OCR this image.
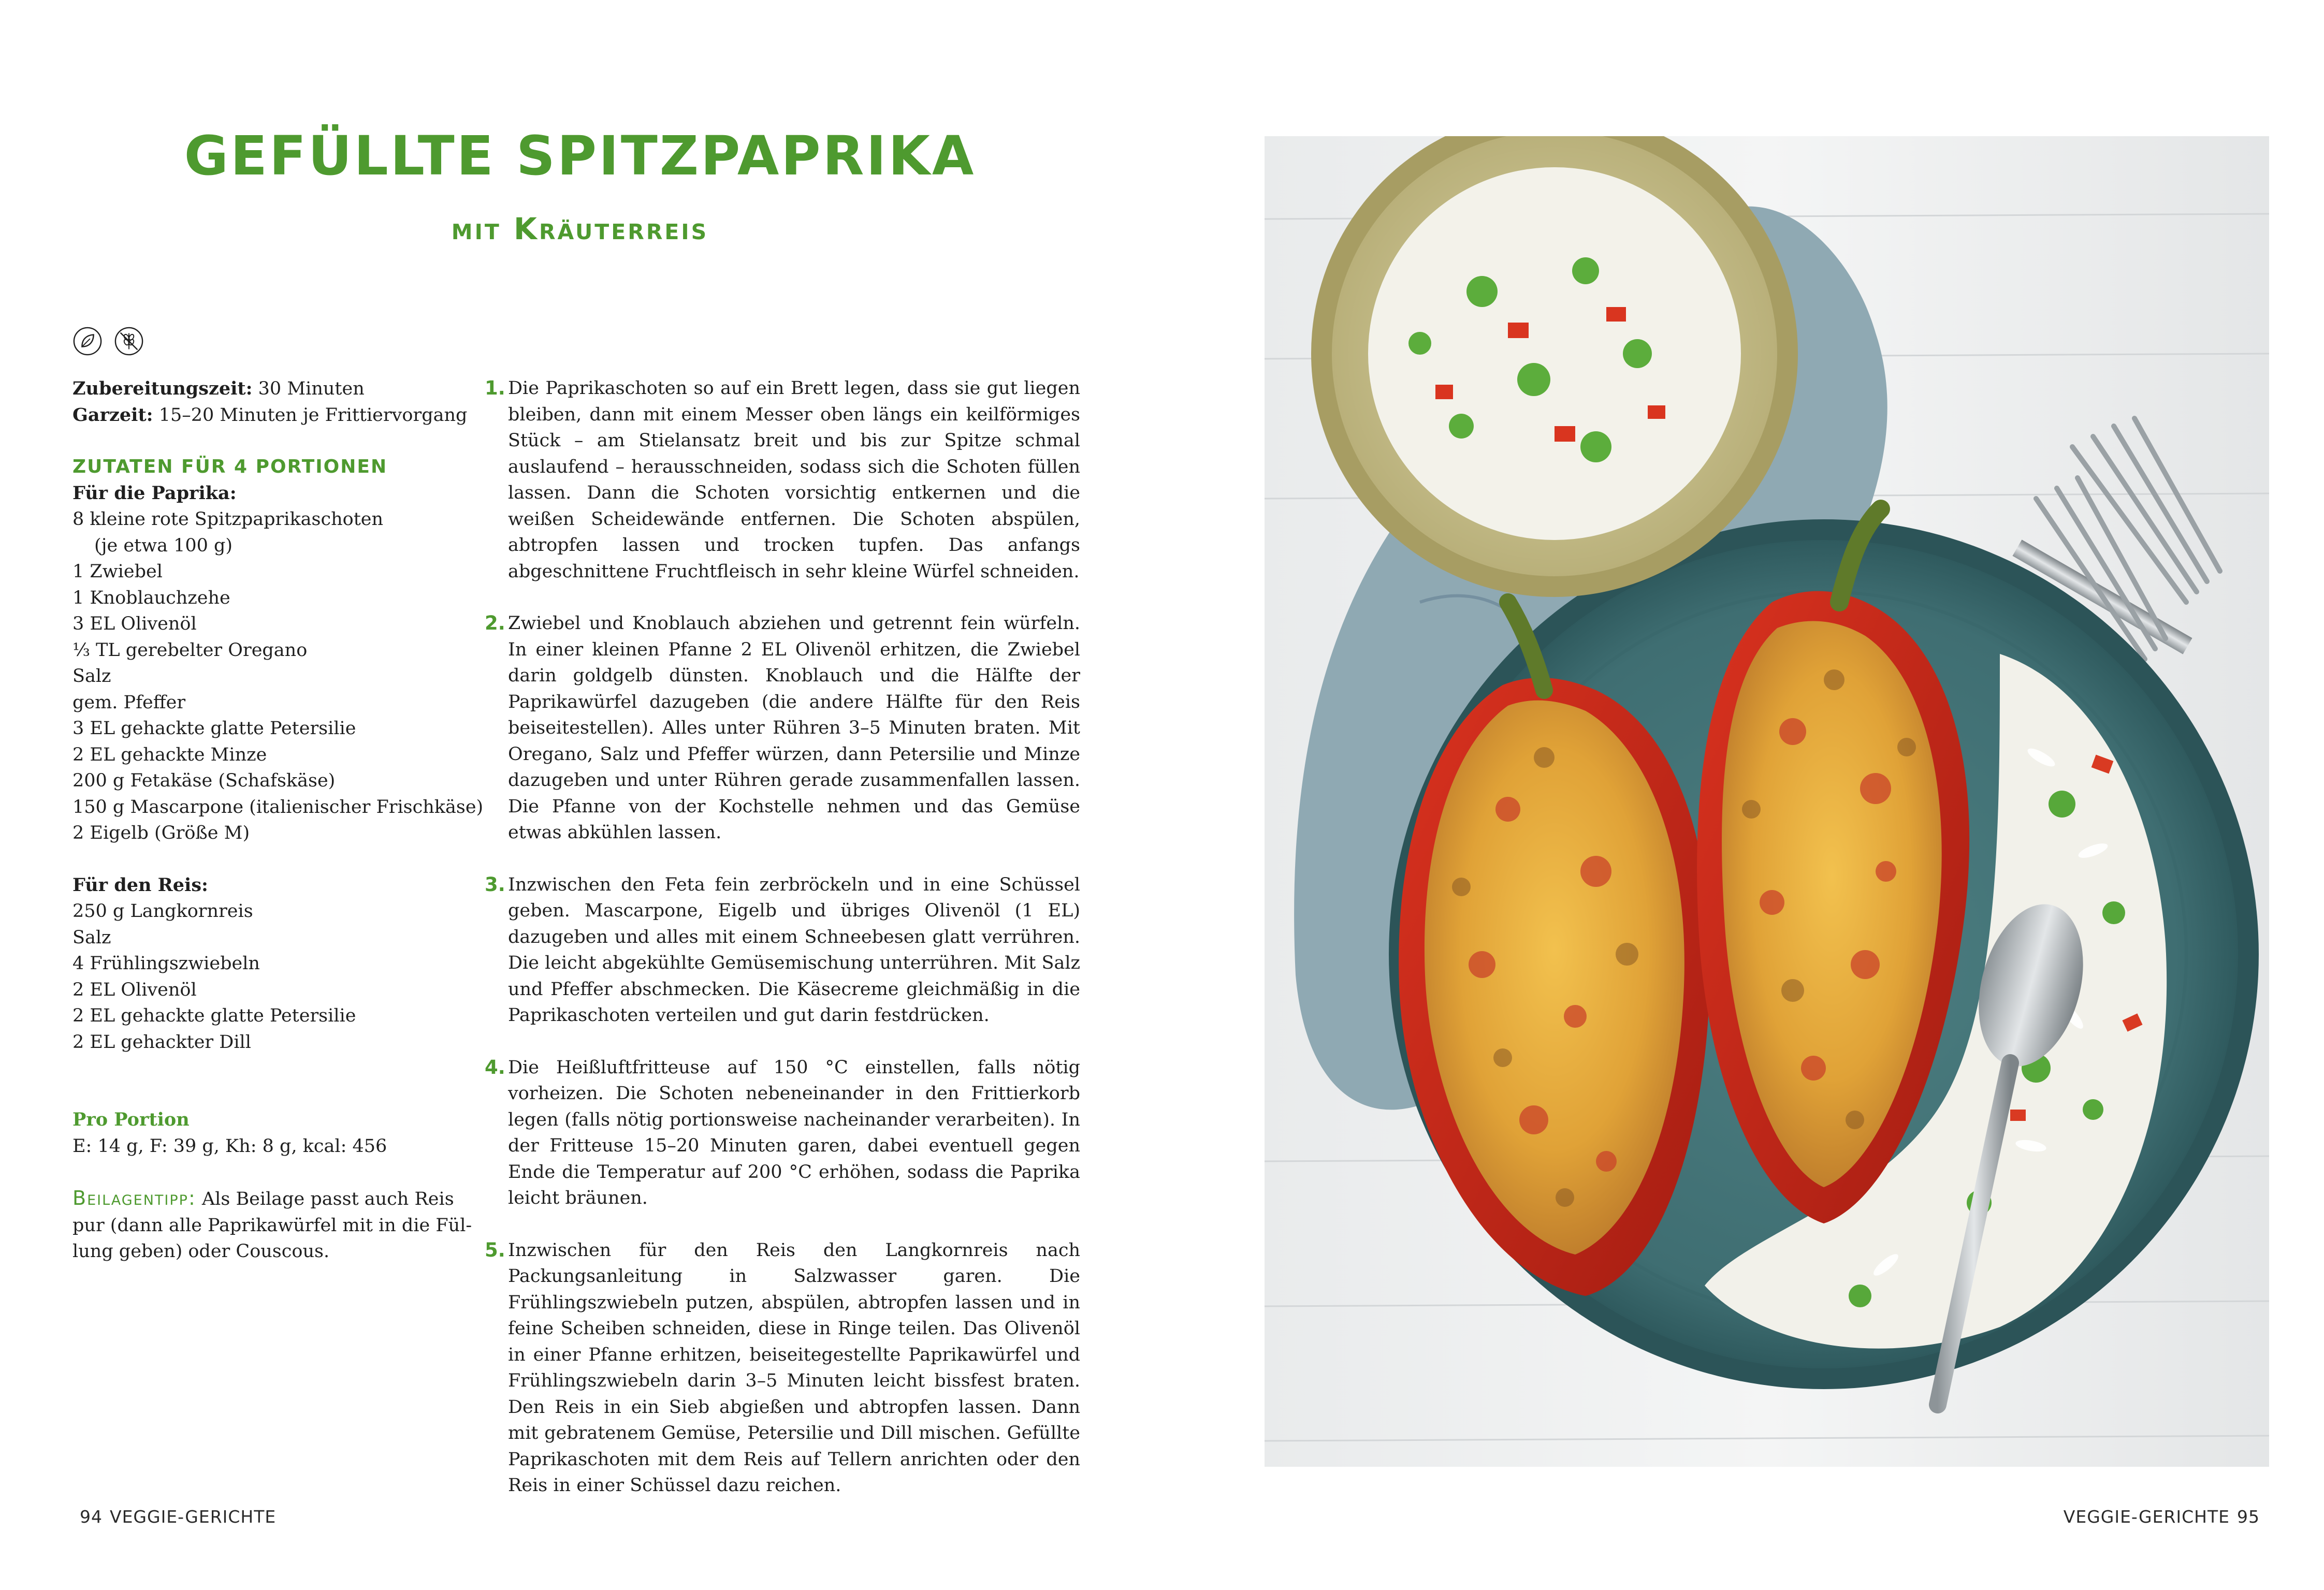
GEFÜLLTE SPITZPAPRIKA
mit Kräuterreis

Zubereitungszeit: 30 Minuten

Garzeit: 15–20 Minuten je Frittiervorgang

ZUTATEN FÜR 4 PORTIONEN

Für die Paprika:

8 kleine rote Spitzpaprikaschoten

(je etwa 100 g)

1 Zwiebel

1 Knoblauchzehe

3 EL Olivenöl

⅓ TL gerebelter Oregano

Salz

gem. Pfeffer

3 EL gehackte glatte Petersilie

2 EL gehackte Minze

200 g Fetakäse (Schafskäse)

150 g Mascarpone (italienischer Frischkäse)

2 Eigelb (Größe M)

Für den Reis:

250 g Langkornreis

Salz

4 Frühlingszwiebeln

2 EL Olivenöl

2 EL gehackte glatte Petersilie

2 EL gehackter Dill

Pro Portion

E: 14 g, F: 39 g, Kh: 8 g, kcal: 456

Beilagentipp: Als Beilage passt auch Reis pur (dann alle Paprikawürfel mit in die Füllung geben) oder Couscous.

1. Die Paprikaschoten so auf ein Brett legen, dass sie gut liegen bleiben, dann mit einem Messer oben längs ein keilförmiges Stück – am Stielansatz breit und bis zur Spitze schmal auslaufend – herausschneiden, sodass sich die Schoten füllen lassen. Dann die Schoten vorsichtig entkernen und die weißen Scheidewände entfernen. Die Schoten abspülen, abtropfen lassen und trocken tupfen. Das anfangs abgeschnittene Fruchtfleisch in sehr kleine Würfel schneiden.
2. Zwiebel und Knoblauch abziehen und getrennt fein würfeln. In einer kleinen Pfanne 2 EL Olivenöl erhitzen, die Zwiebel darin goldgelb dünsten. Knoblauch und die Hälfte der Paprikawürfel dazugeben (die andere Hälfte für den Reis beiseitestellen). Alles unter Rühren 3–5 Minuten braten. Mit Oregano, Salz und Pfeffer würzen, dann Petersilie und Minze dazugeben und unter Rühren gerade zusammenfallen lassen. Die Pfanne von der Kochstelle nehmen und das Gemüse etwas abkühlen lassen.
3. Inzwischen den Feta fein zerbröckeln und in eine Schüssel geben. Mascarpone, Eigelb und übriges Olivenöl (1 EL) dazugeben und alles mit einem Schneebesen glatt verrühren. Die leicht abgekühlte Gemüsemischung unterrühren. Mit Salz und Pfeffer abschmecken. Die Käsecreme gleichmäßig in die Paprikaschoten verteilen und gut darin festdrücken.
4. Die Heißluftfritteuse auf 150 °C einstellen, falls nötig vorheizen. Die Schoten nebeneinander in den Frittierkorb legen (falls nötig portionsweise nacheinander verarbeiten). In der Fritteuse 15–20 Minuten garen, dabei eventuell gegen Ende die Temperatur auf 200 °C erhöhen, sodass die Paprika leicht bräunen.
5. Inzwischen für den Reis den Langkornreis nach Packungsanleitung in Salzwasser garen. Die Frühlingszwiebeln putzen, abspülen, abtropfen lassen und in feine Scheiben schneiden, diese in Ringe teilen. Das Olivenöl in einer Pfanne erhitzen, beiseitegestellte Paprikawürfel und Frühlingszwiebeln darin 3–5 Minuten leicht bissfest braten. Den Reis in ein Sieb abgießen und abtropfen lassen. Dann mit gebratenem Gemüse, Petersilie und Dill mischen. Gefüllte Paprikaschoten mit dem Reis auf Tellern anrichten oder den Reis in einer Schüssel dazu reichen.
94 VEGGIE-GERICHTE	VEGGIE-GERICHTE 95
